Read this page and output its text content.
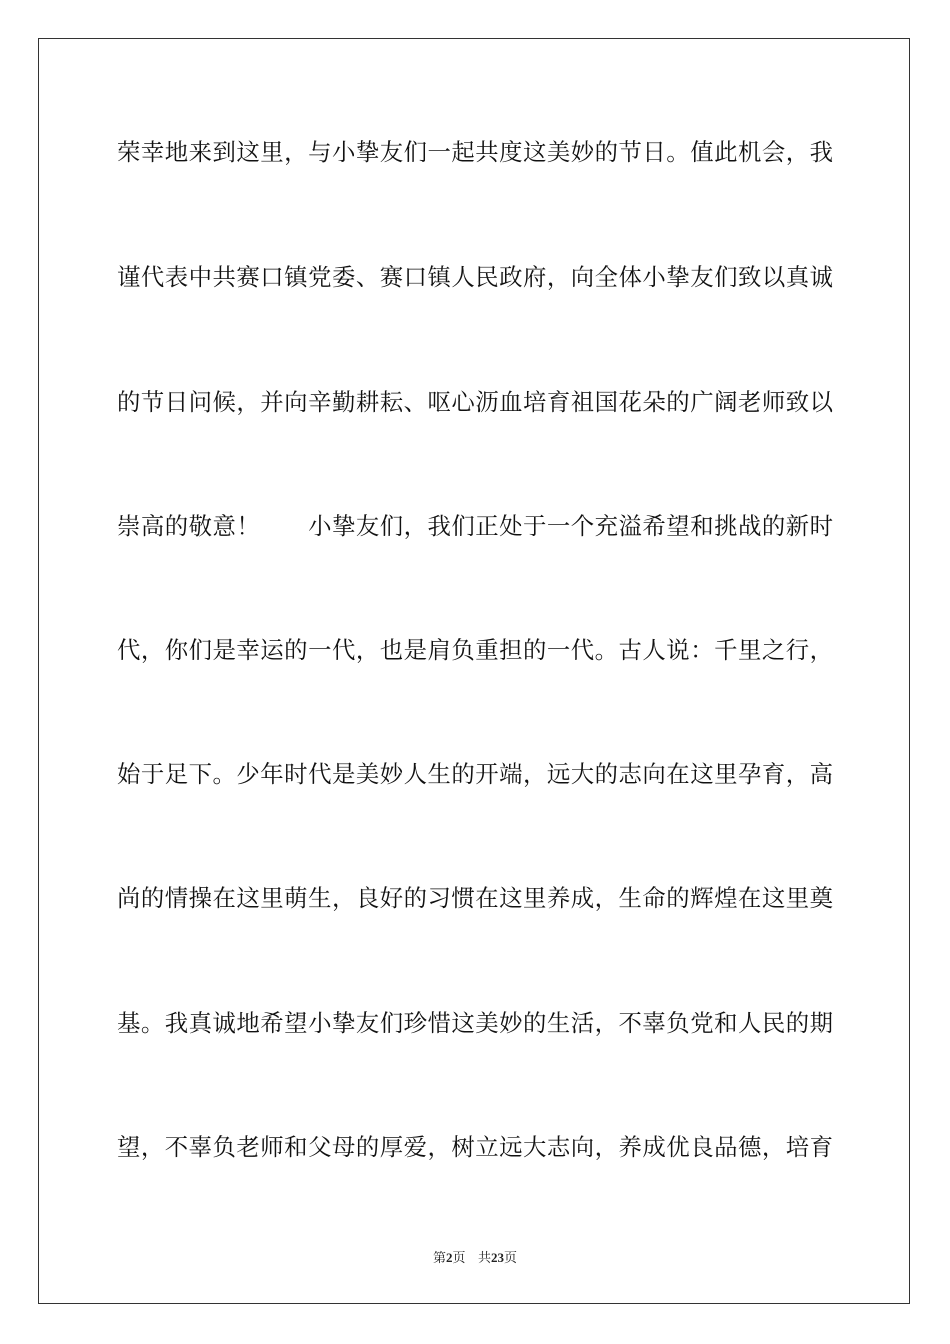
荣幸地来到这里，与小挚友们一起共度这美妙的节日。值此机会，我

谨代表中共赛口镇党委、赛口镇人民政府，向全体小挚友们致以真诚

的节日问候，并向辛勤耕耘、呕心沥血培育祖国花朵的广阔老师致以

崇高的敬意！　　小挚友们，我们正处于一个充溢希望和挑战的新时

代，你们是幸运的一代，也是肩负重担的一代。古人说：千里之行，

始于足下。少年时代是美妙人生的开端，远大的志向在这里孕育，高

尚的情操在这里萌生，良好的习惯在这里养成，生命的辉煌在这里奠

基。我真诚地希望小挚友们珍惜这美妙的生活，不辜负党和人民的期

望，不辜负老师和父母的厚爱，树立远大志向，养成优良品德，培育

第2页 共23页
